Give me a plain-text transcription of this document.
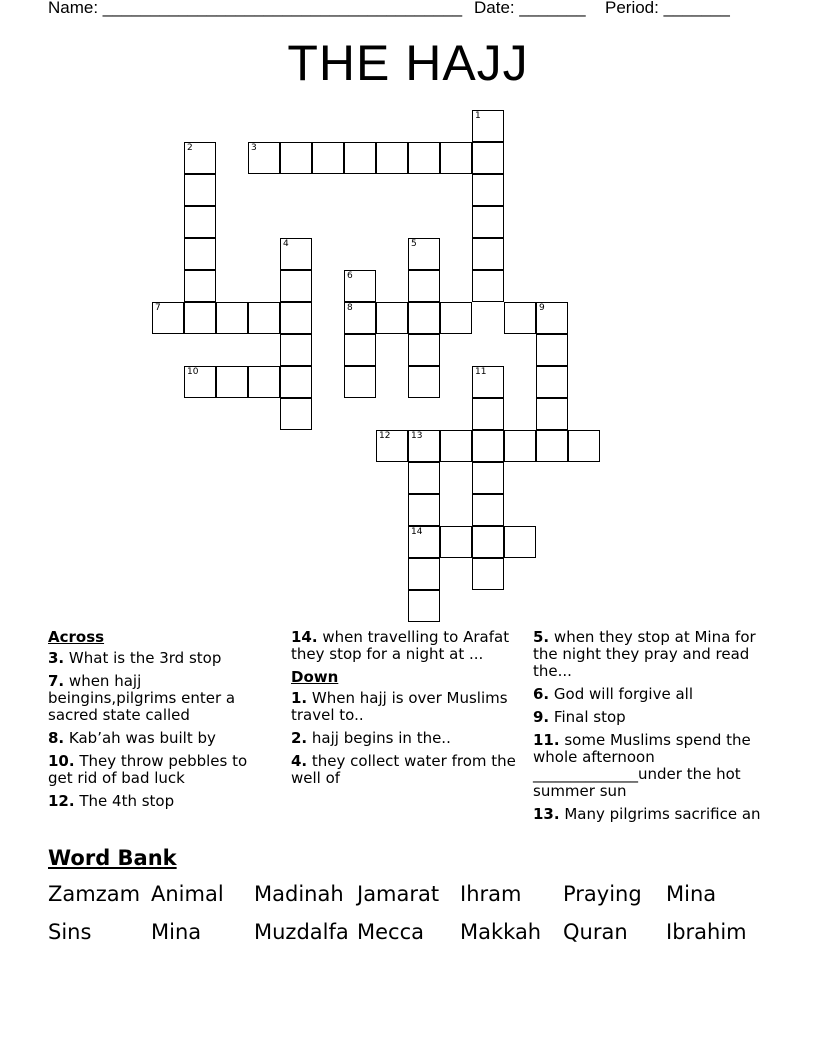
Name: ______________________________________ Date: _______ Period: _______
THE HAJJ
1
2	3
4	5
6
7	8	9
10	11
12 13
14
Across
3. What is the 3rd stop
7. when hajj beingins,pilgrims enter a sacred state called
8. Kab’ah was built by
10. They throw pebbles to get rid of bad luck
12. The 4th stop
14. when travelling to Arafat they stop for a night at ...
Down
1. When hajj is over Muslims travel to..
2. hajj begins in the..
4. they collect water from the well of
5. when they stop at Mina for the night they pray and read the...
6. God will forgive all
9. Final stop
11. some Muslims spend the whole afternoon ______________under the hot summer sun
13. Many pilgrims sacrifice an
Word Bank
Zamzam Animal Madinah Jamarat Ihram Praying Mina
Sins	Mina	Muzdalfa Mecca Makkah Quran Ibrahim
